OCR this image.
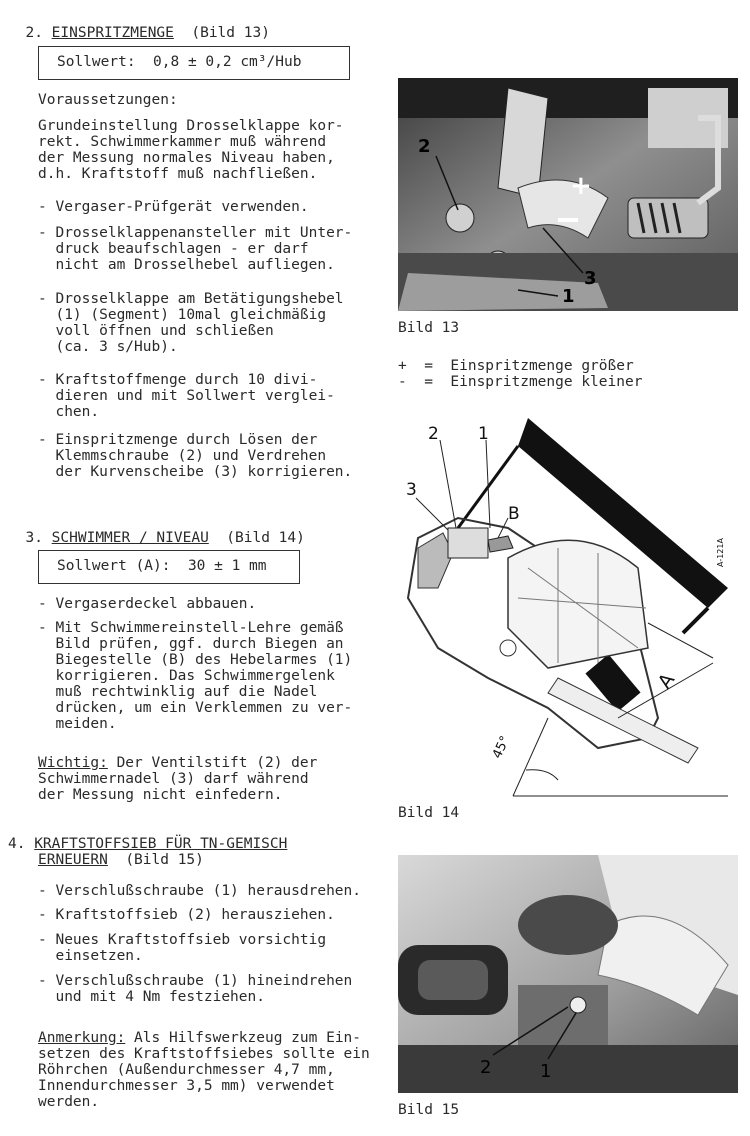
2. EINSPRITZMENGE (Bild 13)

Sollwert:  0,8 ± 0,2 cm³/Hub
Voraussetzungen:
Grundeinstellung Drosselklappe kor-
rekt. Schwimmerkammer muß während
der Messung normales Niveau haben,
d.h. Kraftstoff muß nachfließen.
- Vergaser-Prüfgerät verwenden.
- Drosselklappenansteller mit Unter-
druck beaufschlagen - er darf
nicht am Drosselhebel aufliegen.
- Drosselklappe am Betätigungshebel
(1) (Segment) 10mal gleichmäßig
voll öffnen und schließen
(ca. 3 s/Hub).
- Kraftstoffmenge durch 10 divi-
dieren und mit Sollwert verglei-
chen.
- Einspritzmenge durch Lösen der
Klemmschraube (2) und Verdrehen
der Kurvenscheibe (3) korrigieren.

3. SCHWIMMER / NIVEAU (Bild 14)

Sollwert (A):  30 ± 1 mm
- Vergaserdeckel abbauen.
- Mit Schwimmereinstell-Lehre gemäß
Bild prüfen, ggf. durch Biegen an
Biegestelle (B) des Hebelarmes (1)
korrigieren. Das Schwimmergelenk
muß rechtwinklig auf die Nadel
drücken, um ein Verklemmen zu ver-
meiden.
Wichtig: Der Ventilstift (2) der
Schwimmernadel (3) darf während
der Messung nicht einfedern.
4. KRAFTSTOFFSIEB FÜR TN-GEMISCH
ERNEUERN (Bild 15)
- Verschlußschraube (1) herausdrehen.
- Kraftstoffsieb (2) herausziehen.
- Neues Kraftstoffsieb vorsichtig
einsetzen.
- Verschlußschraube (1) hineindrehen
und mit 4 Nm festziehen.
Anmerkung: Als Hilfswerkzeug zum Ein-
setzen des Kraftstoffsiebes sollte ein
Röhrchen (Außendurchmesser 4,7 mm,
Innendurchmesser 3,5 mm) verwendet
werden.
+
2
3
1
Bild 13
+  =  Einspritzmenge größer
-  =  Einspritzmenge kleiner
2 1
3
B
A
45°
A-121A
Bild 14
2	1
Bild 15
